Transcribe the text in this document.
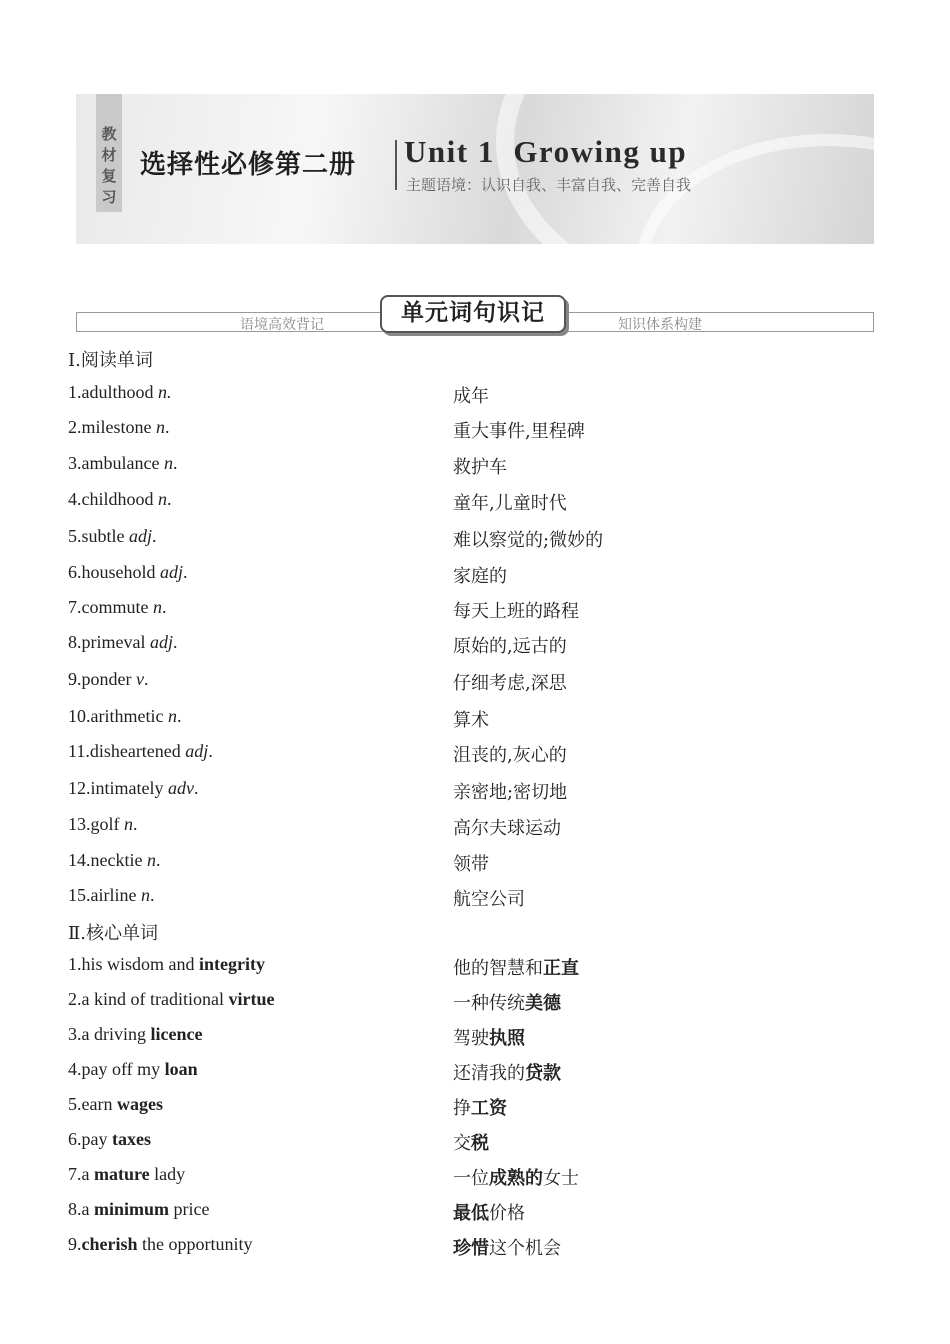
教
材
复
习
选择性必修第二册 Unit 1  Growing up
主题语境：认识自我、丰富自我、完善自我
语境高效背记	知识体系构建
单元词句识记
Ⅰ.阅读单词
1.adulthood n.	成年
2.milestone n.	重大事件,里程碑
3.ambulance n.	救护车
4.childhood n.	童年,儿童时代
5.subtle adj.	难以察觉的;微妙的
6.household adj.	家庭的
7.commute n.	每天上班的路程
8.primeval adj.	原始的,远古的
9.ponder v.	仔细考虑,深思
10.arithmetic n.	算术
11.disheartened adj.	沮丧的,灰心的
12.intimately adv.	亲密地;密切地
13.golf n.	高尔夫球运动
14.necktie n.	领带
15.airline n.	航空公司
Ⅱ.核心单词
1.his wisdom and integrity	他的智慧和正直
2.a kind of traditional virtue	一种传统美德
3.a driving licence	驾驶执照
4.pay off my loan	还清我的贷款
5.earn wages	挣工资
6.pay taxes	交税
7.a mature lady	一位成熟的女士
8.a minimum price	最低价格
9.cherish the opportunity	珍惜这个机会
